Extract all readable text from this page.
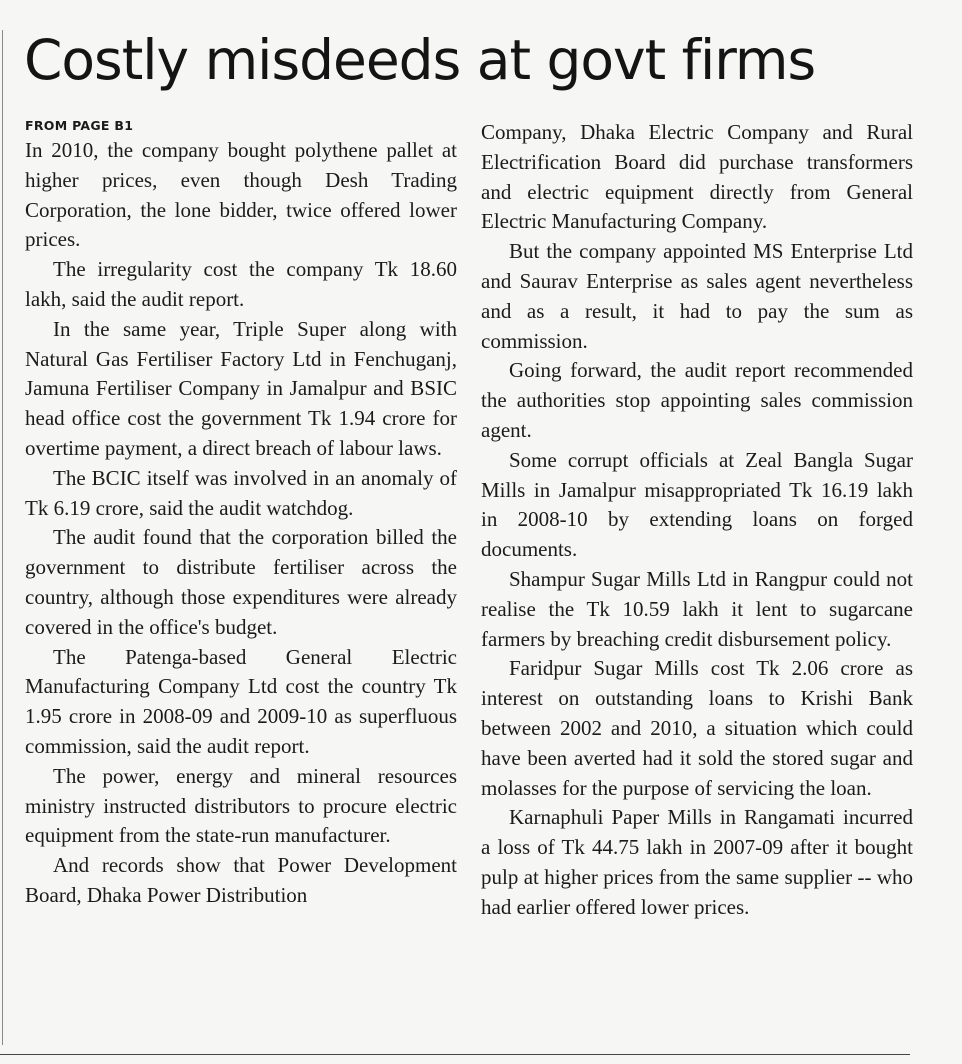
Costly misdeeds at govt firms

FROM PAGE B1

In 2010, the company bought polythene pallet at higher prices, even though Desh Trading Corporation, the lone bidder, twice offered lower prices.

The irregularity cost the company Tk 18.60 lakh, said the audit report.

In the same year, Triple Super along with Natural Gas Fertiliser Factory Ltd in Fenchuganj, Jamuna Fertiliser Company in Jamalpur and BSIC head office cost the government Tk 1.94 crore for overtime payment, a direct breach of labour laws.

The BCIC itself was involved in an anomaly of Tk 6.19 crore, said the audit watchdog.

The audit found that the corporation billed the government to distribute fertiliser across the country, although those expenditures were already covered in the office's budget.

The Patenga-based General Electric Manufacturing Company Ltd cost the country Tk 1.95 crore in 2008-09 and 2009-10 as superfluous commission, said the audit report.

The power, energy and mineral resources ministry instructed distributors to procure electric equipment from the state-run manufacturer.

And records show that Power Development Board, Dhaka Power Distribution

Company, Dhaka Electric Company and Rural Electrification Board did purchase transformers and electric equipment directly from General Electric Manufacturing Company.

But the company appointed MS Enterprise Ltd and Saurav Enterprise as sales agent nevertheless and as a result, it had to pay the sum as commission.

Going forward, the audit report recommended the authorities stop appointing sales commission agent.

Some corrupt officials at Zeal Bangla Sugar Mills in Jamalpur misappropriated Tk 16.19 lakh in 2008-10 by extending loans on forged documents.

Shampur Sugar Mills Ltd in Rangpur could not realise the Tk 10.59 lakh it lent to sugarcane farmers by breaching credit disbursement policy.

Faridpur Sugar Mills cost Tk 2.06 crore as interest on outstanding loans to Krishi Bank between 2002 and 2010, a situation which could have been averted had it sold the stored sugar and molasses for the purpose of servicing the loan.

Karnaphuli Paper Mills in Rangamati incurred a loss of Tk 44.75 lakh in 2007-09 after it bought pulp at higher prices from the same supplier -- who had earlier offered lower prices.
